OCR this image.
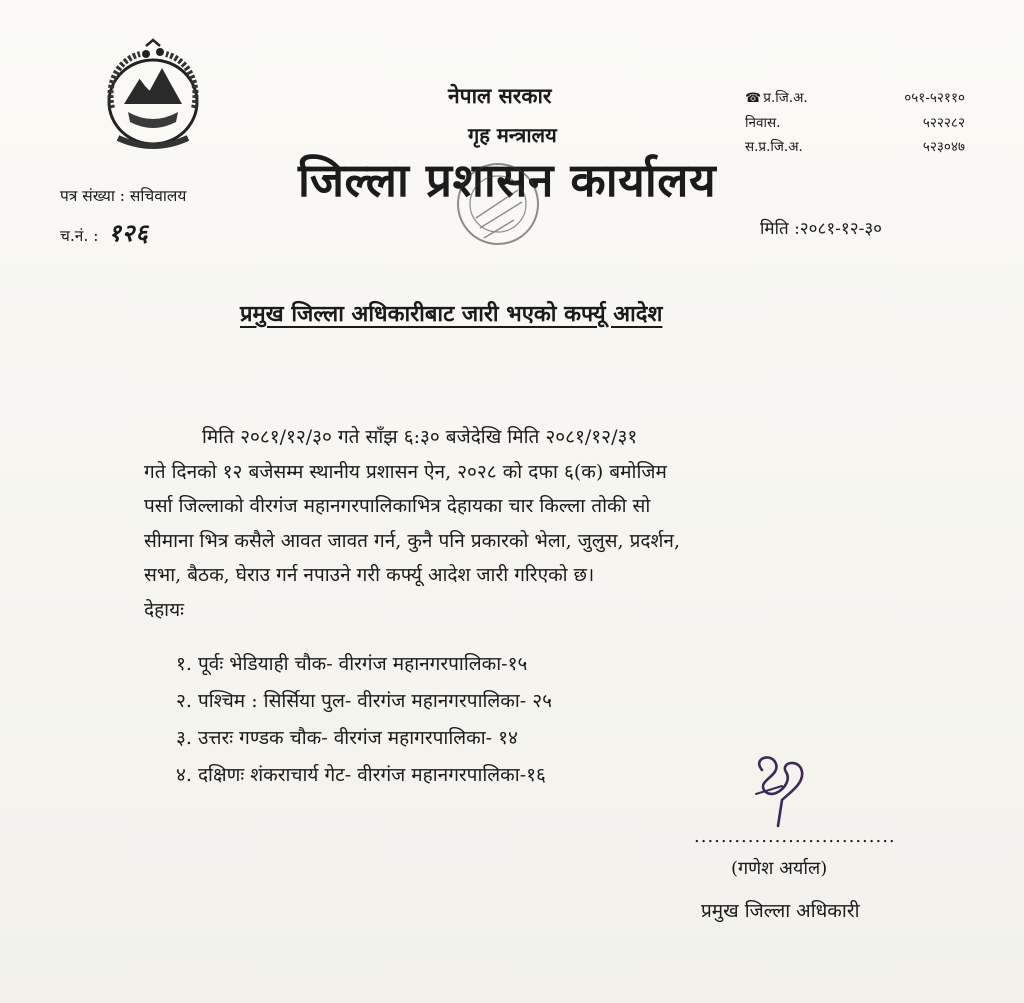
नेपाल सरकार
गृह मन्त्रालय
जिल्ला प्रशासन कार्यालय
☎ प्र.जि.अ.	०५१-५२११०
निवास.	५२२२८२
स.प्र.जि.अ.	५२३०४७
पत्र संख्या : सचिवालय
च.नं. : १२६	मिति :२०८१-१२-३०
प्रमुख जिल्ला अधिकारीबाट जारी भएको कर्फ्यू आदेश
मिति २०८१/१२/३० गते साँझ ६:३० बजेदेखि मिति २०८१/१२/३१
गते दिनको १२ बजेसम्म स्थानीय प्रशासन ऐन, २०२८ को दफा ६(क) बमोजिम
पर्सा जिल्लाको वीरगंज महानगरपालिकाभित्र देहायका चार किल्ला तोकी सो
सीमाना भित्र कसैले आवत जावत गर्न, कुनै पनि प्रकारको भेला, जुलुस, प्रदर्शन,
सभा, बैठक, घेराउ गर्न नपाउने गरी कर्फ्यू आदेश जारी गरिएको छ।
देहायः
१. पूर्वः भेडियाही चौक- वीरगंज महानगरपालिका-१५
२. पश्चिम : सिर्सिया पुल- वीरगंज महानगरपालिका- २५
३. उत्तरः गण्डक चौक- वीरगंज महागरपालिका- १४
४. दक्षिणः शंकराचार्य गेट- वीरगंज महानगरपालिका-१६
..............................
(गणेश अर्याल)
प्रमुख जिल्ला अधिकारी
